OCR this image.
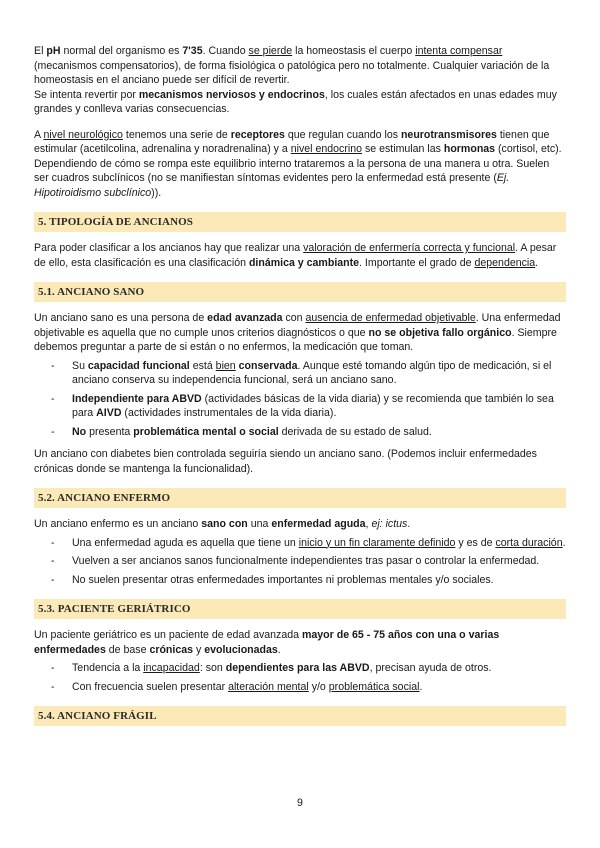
El pH normal del organismo es 7'35. Cuando se pierde la homeostasis el cuerpo intenta compensar (mecanismos compensatorios), de forma fisiológica o patológica pero no totalmente. Cualquier variación de la homeostasis en el anciano puede ser difícil de revertir.

Se intenta revertir por mecanismos nerviosos y endocrinos, los cuales están afectados en unas edades muy grandes y conlleva varias consecuencias.

A nivel neurológico tenemos una serie de receptores que regulan cuando los neurotransmisores tienen que estimular (acetilcolina, adrenalina y noradrenalina) y a nivel endocrino se estimulan las hormonas (cortisol, etc). Dependiendo de cómo se rompa este equilibrio interno trataremos a la persona de una manera u otra. Suelen ser cuadros subclínicos (no se manifiestan síntomas evidentes pero la enfermedad está presente (Ej. Hipotiroidismo subclínico)).

5. TIPOLOGÍA DE ANCIANOS

Para poder clasificar a los ancianos hay que realizar una valoración de enfermería correcta y funcional. A pesar de ello, esta clasificación es una clasificación dinámica y cambiante. Importante el grado de dependencia.

5.1. ANCIANO SANO

Un anciano sano es una persona de edad avanzada con ausencia de enfermedad objetivable. Una enfermedad objetivable es aquella que no cumple unos criterios diagnósticos o que no se objetiva fallo orgánico. Siempre debemos preguntar a parte de si están o no enfermos, la medicación que toman.

- Su capacidad funcional está bien conservada. Aunque esté tomando algún tipo de medicación, si el anciano conserva su independencia funcional, será un anciano sano.
- Independiente para ABVD (actividades básicas de la vida diaria) y se recomienda que también lo sea para AIVD (actividades instrumentales de la vida diaria).
- No presenta problemática mental o social derivada de su estado de salud.

Un anciano con diabetes bien controlada seguiría siendo un anciano sano. (Podemos incluir enfermedades crónicas donde se mantenga la funcionalidad).

5.2. ANCIANO ENFERMO

Un anciano enfermo es un anciano sano con una enfermedad aguda, ej: ictus.

- Una enfermedad aguda es aquella que tiene un inicio y un fin claramente definido y es de corta duración.
- Vuelven a ser ancianos sanos funcionalmente independientes tras pasar o controlar la enfermedad.
- No suelen presentar otras enfermedades importantes ni problemas mentales y/o sociales.
5.3. PACIENTE GERIÁTRICO

Un paciente geriátrico es un paciente de edad avanzada mayor de 65 - 75 años con una o varias enfermedades de base crónicas y evolucionadas.

- Tendencia a la incapacidad: son dependientes para las ABVD, precisan ayuda de otros.
- Con frecuencia suelen presentar alteración mental y/o problemática social.
5.4. ANCIANO FRÁGIL
9
